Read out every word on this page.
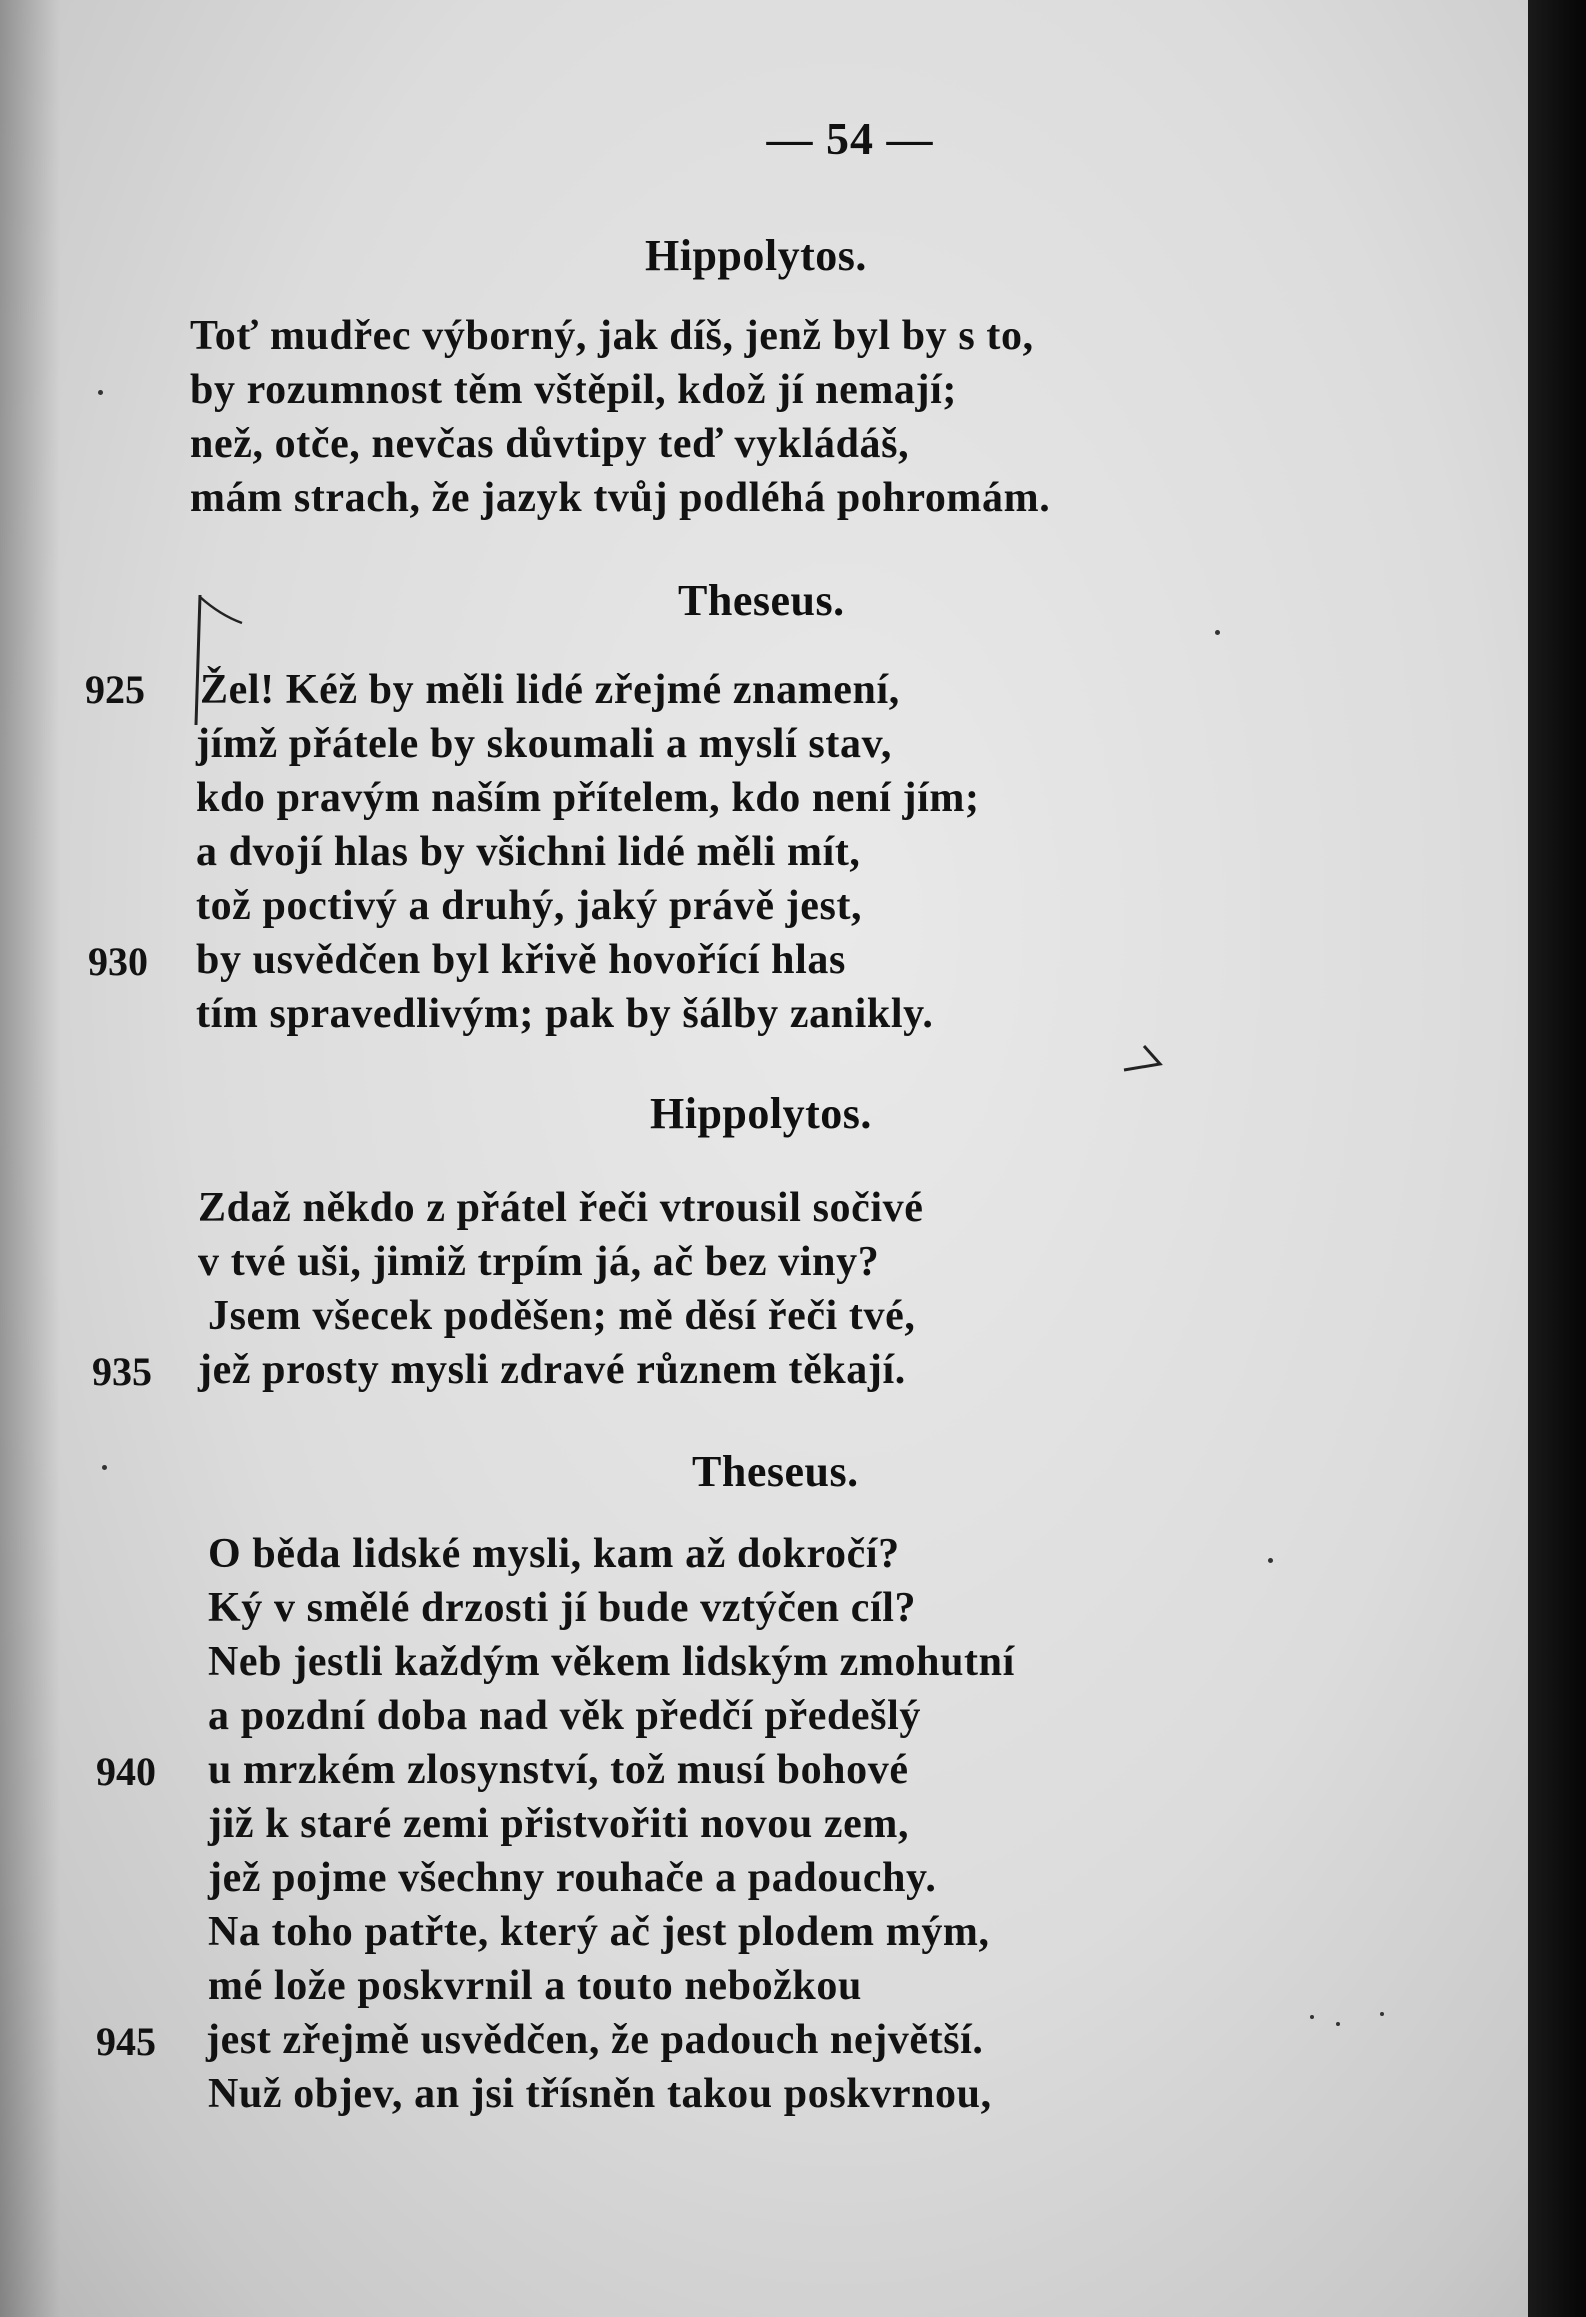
— 54 —
Hippolytos.
Toť mudřec výborný, jak díš, jenž byl by s to,
by rozumnost těm vštěpil, kdož jí nemají;
než, otče, nevčas důvtipy teď vykládáš,
mám strach, že jazyk tvůj podléhá pohromám.
Theseus.
925 Žel! Kéž by měli lidé zřejmé znamení,
jímž přátele by skoumali a myslí stav,
kdo pravým naším přítelem, kdo není jím;
a dvojí hlas by všichni lidé měli mít,
tož poctivý a druhý, jaký právě jest,
930 by usvědčen byl křivě hovořící hlas
tím spravedlivým; pak by šálby zanikly.
Hippolytos.
Zdaž někdo z přátel řeči vtrousil sočivé
v tvé uši, jimiž trpím já, ač bez viny?
Jsem všecek poděšen; mě děsí řeči tvé,
935 jež prosty mysli zdravé různem těkají.
Theseus.
O běda lidské mysli, kam až dokročí?
Ký v smělé drzosti jí bude vztýčen cíl?
Neb jestli každým věkem lidským zmohutní
a pozdní doba nad věk předčí předešlý
940 u mrzkém zlosynství, tož musí bohové
již k staré zemi přistvořiti novou zem,
jež pojme všechny rouhače a padouchy.
Na toho patřte, který ač jest plodem mým,
mé lože poskvrnil a touto nebožkou
945 jest zřejmě usvědčen, že padouch největší.
Nuž objev, an jsi třísněn takou poskvrnou,
